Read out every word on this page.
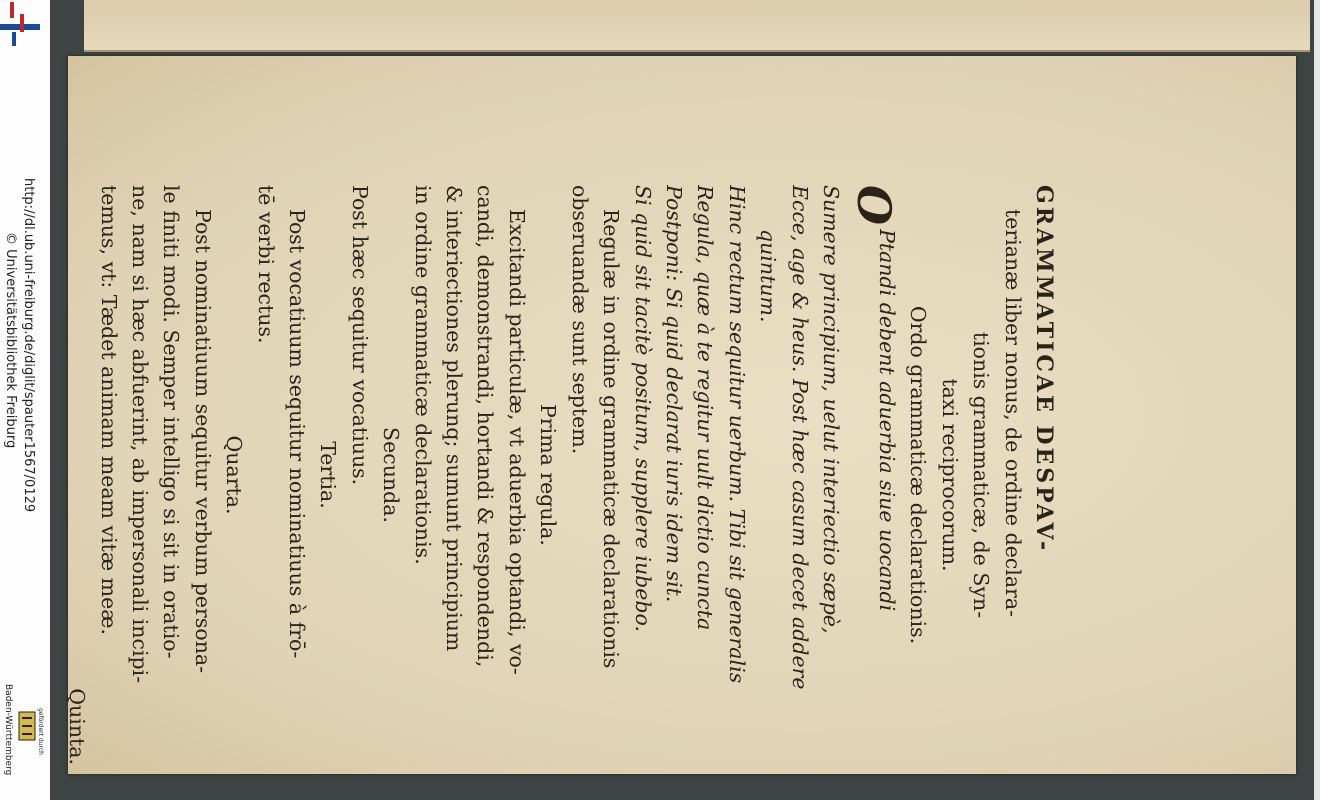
http://dl.ub.uni-freiburg.de/diglit/spauter1567/0129
© Universitätsbibliothek Freiburg
gefördert durch
Baden-Württemberg
GRAMMATICAE DESPAV-
terianæ liber nonus, de ordine declara-
tionis grammaticæ, de Syn-
taxi reciprocorum.
Ordo grammaticæ declarationis.
O
Ptandi debent aduerbia siue uocandi
Sumere principium, uelut interiectio sæpè,
Ecce, age & heus. Post hæc casum decet addere
quintum.
Hinc rectum sequitur uerbum. Tibi sit generalis
Regula, quæ à te regitur uult dictio cuncta
Postponi: Si quid declarat iuris idem sit.
Si quid sit tacitè positum, supplere iubebo.
Regulæ in ordine grammaticæ declarationis
obseruandæ sunt septem.
Prima regula.
Excitandi particulæ, vt aduerbia optandi, vo-
candi, demonstrandi, hortandi & respondendi,
& interiectiones plerunq; sumunt principium
in ordine grammaticæ declarationis.
Secunda.
Post hæc sequitur vocatiuus.
Tertia.
Post vocatiuum sequitur nominatiuus à frō-
tē verbi rectus.
Quarta.
Post nominatiuum sequitur verbum persona-
le finiti modi. Semper intelligo si sit in oratio-
ne, nam si hæc abfuerint, ab impersonali incipi-
temus, vt: Tædet animam meam vitæ meæ.
Quinta.
